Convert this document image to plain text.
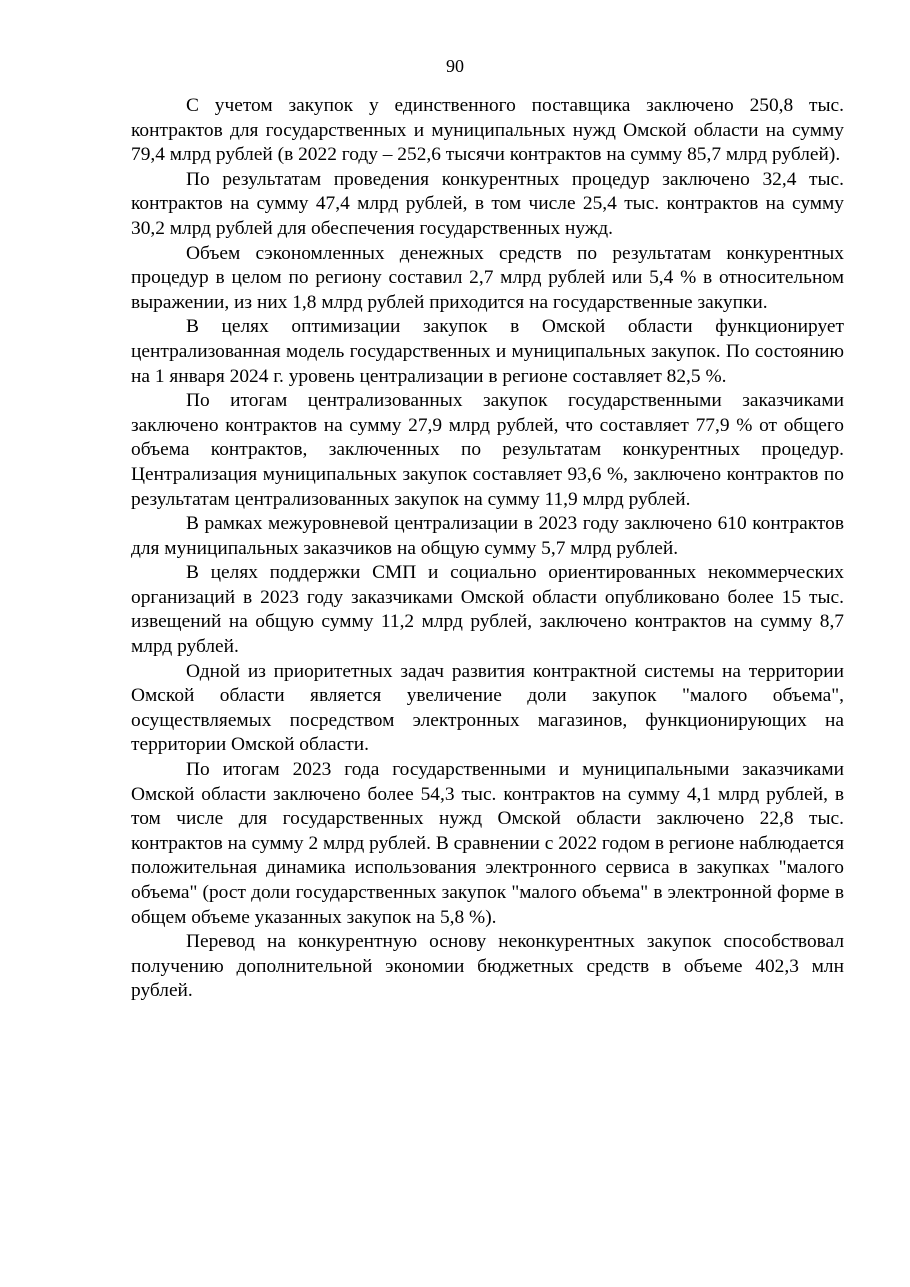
90

С учетом закупок у единственного поставщика заключено 250,8 тыс. контрактов для государственных и муниципальных нужд Омской области на сумму 79,4 млрд рублей (в 2022 году – 252,6 тысячи контрактов на сумму 85,7 млрд рублей).

По результатам проведения конкурентных процедур заключено 32,4 тыс. контрактов на сумму 47,4 млрд рублей, в том числе 25,4 тыс. контрактов на сумму 30,2 млрд рублей для обеспечения государственных нужд.

Объем сэкономленных денежных средств по результатам конкурентных процедур в целом по региону составил 2,7 млрд рублей или 5,4 % в относительном выражении, из них 1,8 млрд рублей приходится на государственные закупки.

В целях оптимизации закупок в Омской области функционирует централизованная модель государственных и муниципальных закупок. По состоянию на 1 января 2024 г. уровень централизации в регионе составляет 82,5 %.

По итогам централизованных закупок государственными заказчиками заключено контрактов на сумму 27,9 млрд рублей, что составляет 77,9 % от общего объема контрактов, заключенных по результатам конкурентных процедур. Централизация муниципальных закупок составляет 93,6 %, заключено контрактов по результатам централизованных закупок на сумму 11,9 млрд рублей.

В рамках межуровневой централизации в 2023 году заключено 610 контрактов для муниципальных заказчиков на общую сумму 5,7 млрд рублей.

В целях поддержки СМП и социально ориентированных некоммерческих организаций в 2023 году заказчиками Омской области опубликовано более 15 тыс. извещений на общую сумму 11,2 млрд рублей, заключено контрактов на сумму 8,7 млрд рублей.

Одной из приоритетных задач развития контрактной системы на территории Омской области является увеличение доли закупок "малого объема", осуществляемых посредством электронных магазинов, функционирующих на территории Омской области.

По итогам 2023 года государственными и муниципальными заказчиками Омской области заключено более 54,3 тыс. контрактов на сумму 4,1 млрд рублей, в том числе для государственных нужд Омской области заключено 22,8 тыс. контрактов на сумму 2 млрд рублей. В сравнении с 2022 годом в регионе наблюдается положительная динамика использования электронного сервиса в закупках "малого объема" (рост доли государственных закупок "малого объема" в электронной форме в общем объеме указанных закупок на 5,8 %).

Перевод на конкурентную основу неконкурентных закупок способствовал получению дополнительной экономии бюджетных средств в объеме 402,3 млн рублей.
